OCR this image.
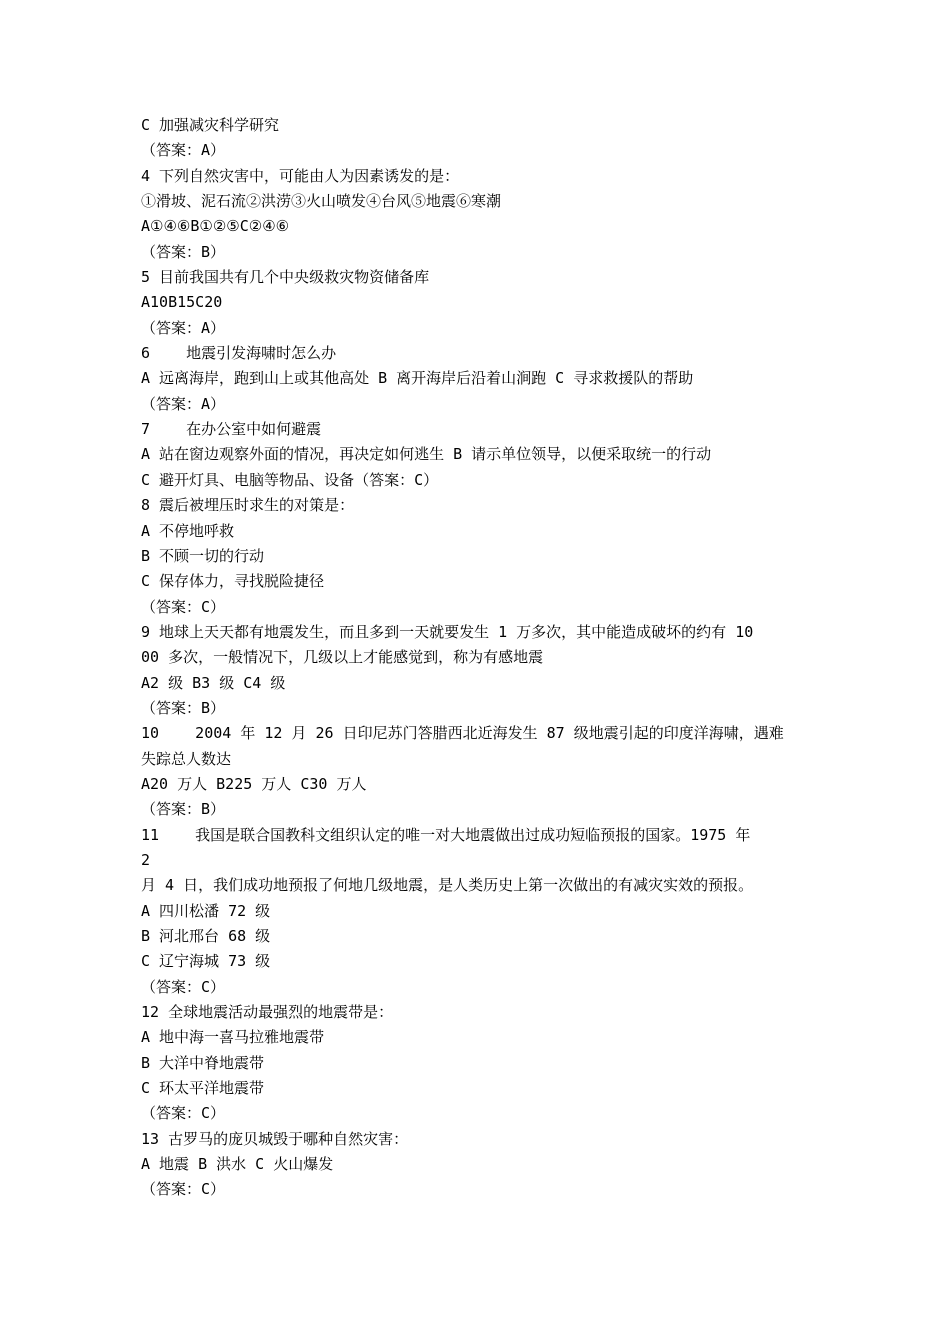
C 加强减灾科学研究
（答案：A）
4 下列自然灾害中，可能由人为因素诱发的是：
①滑坡、泥石流②洪涝③火山喷发④台风⑤地震⑥寒潮
A①④⑥B①②⑤C②④⑥
（答案：B）
5 目前我国共有几个中央级救灾物资储备库
A10B15C20
（答案：A）
6    地震引发海啸时怎么办
A 远离海岸，跑到山上或其他高处 B 离开海岸后沿着山涧跑 C 寻求救援队的帮助
（答案：A）
7    在办公室中如何避震
A 站在窗边观察外面的情况，再决定如何逃生 B 请示单位领导，以便采取统一的行动
C 避开灯具、电脑等物品、设备（答案：C）
8 震后被埋压时求生的对策是：
A 不停地呼救
B 不顾一切的行动
C 保存体力，寻找脱险捷径
（答案：C）
9 地球上天天都有地震发生，而且多到一天就要发生 1 万多次，其中能造成破坏的约有 10
00 多次，一般情况下，几级以上才能感觉到，称为有感地震
A2 级 B3 级 C4 级
（答案：B）
10    2004 年 12 月 26 日印尼苏门答腊西北近海发生 87 级地震引起的印度洋海啸，遇难
失踪总人数达
A20 万人 B225 万人 C30 万人
（答案：B）
11    我国是联合国教科文组织认定的唯一对大地震做出过成功短临预报的国家。1975 年
2
月 4 日，我们成功地预报了何地几级地震，是人类历史上第一次做出的有减灾实效的预报。
A 四川松潘 72 级
B 河北邢台 68 级
C 辽宁海城 73 级
（答案：C）
12 全球地震活动最强烈的地震带是：
A 地中海一喜马拉雅地震带
B 大洋中脊地震带
C 环太平洋地震带
（答案：C）
13 古罗马的庞贝城毁于哪种自然灾害：
A 地震 B 洪水 C 火山爆发
（答案：C）
